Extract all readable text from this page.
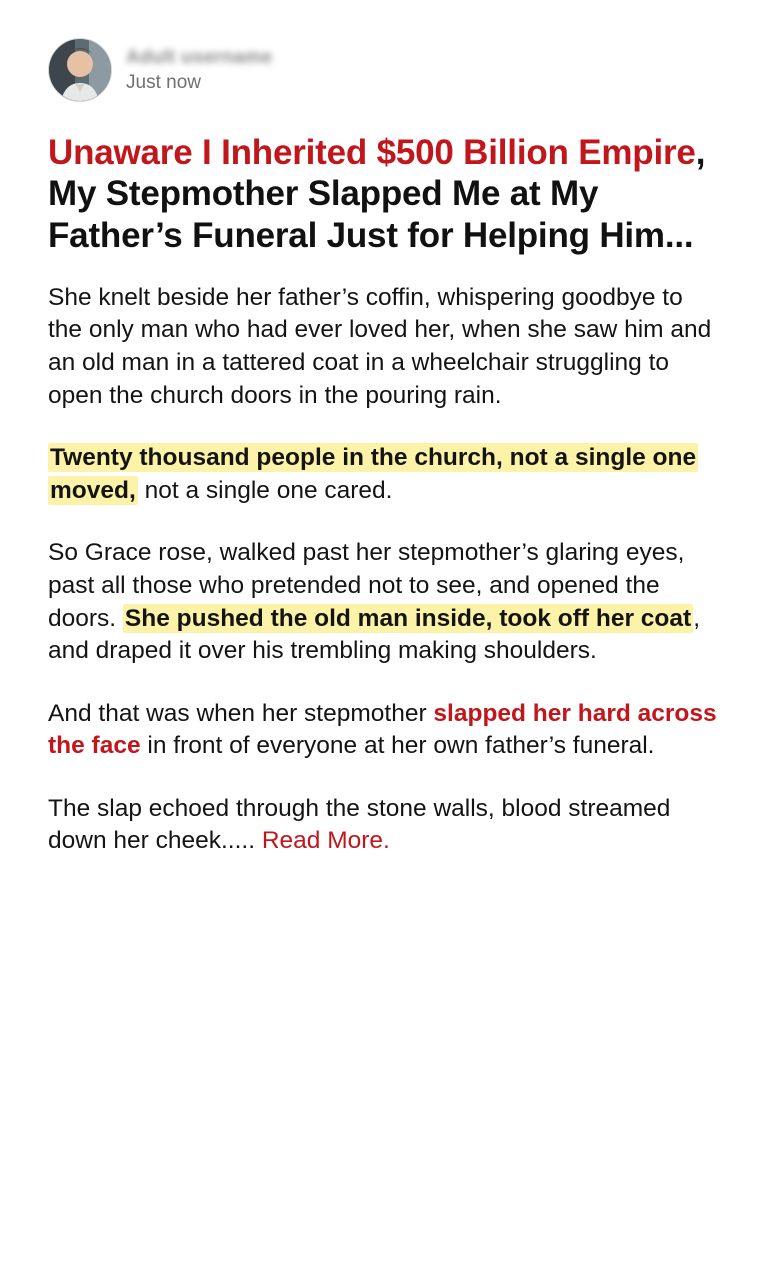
Adult username
Just now
Unaware I Inherited $500 Billion Empire, My Stepmother Slapped Me at My Father’s Funeral Just for Helping Him...

She knelt beside her father’s coffin, whispering goodbye to the only man who had ever loved her, when she saw him and an old man in a tattered coat in a wheelchair struggling to open the church doors in the pouring rain.

Twenty thousand people in the church, not a single one moved, not a single one cared.

So Grace rose, walked past her stepmother’s glaring eyes, past all those who pretended not to see, and opened the doors. She pushed the old man inside, took off her coat, and draped it over his trembling making shoulders.

And that was when her stepmother slapped her hard across the face in front of everyone at her own father’s funeral.

The slap echoed through the stone walls, blood streamed down her cheek..... Read More.
